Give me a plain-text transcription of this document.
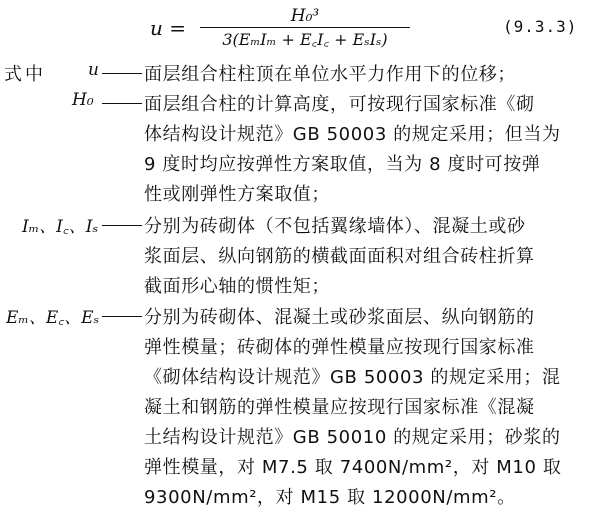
u =	H₀³
3(EₘIₘ + E꜀I꜀ + EₛIₛ)
(9.3.3)
式中 u	面层组合柱柱顶在单位水平力作用下的位移；
H₀	面层组合柱的计算高度，可按现行国家标准《砌
体结构设计规范》GB 50003 的规定采用；但当为
9 度时均应按弹性方案取值，当为 8 度时可按弹
性或刚弹性方案取值；
Iₘ、I꜀、Iₛ	分别为砖砌体（不包括翼缘墙体）、混凝土或砂
浆面层、纵向钢筋的横截面面积对组合砖柱折算
截面形心轴的惯性矩；
Eₘ、E꜀、Eₛ	分别为砖砌体、混凝土或砂浆面层、纵向钢筋的
弹性模量；砖砌体的弹性模量应按现行国家标准
《砌体结构设计规范》GB 50003 的规定采用；混
凝土和钢筋的弹性模量应按现行国家标准《混凝
土结构设计规范》GB 50010 的规定采用；砂浆的
弹性模量，对 M7.5 取 7400N/mm²，对 M10 取
9300N/mm²，对 M15 取 12000N/mm²。
